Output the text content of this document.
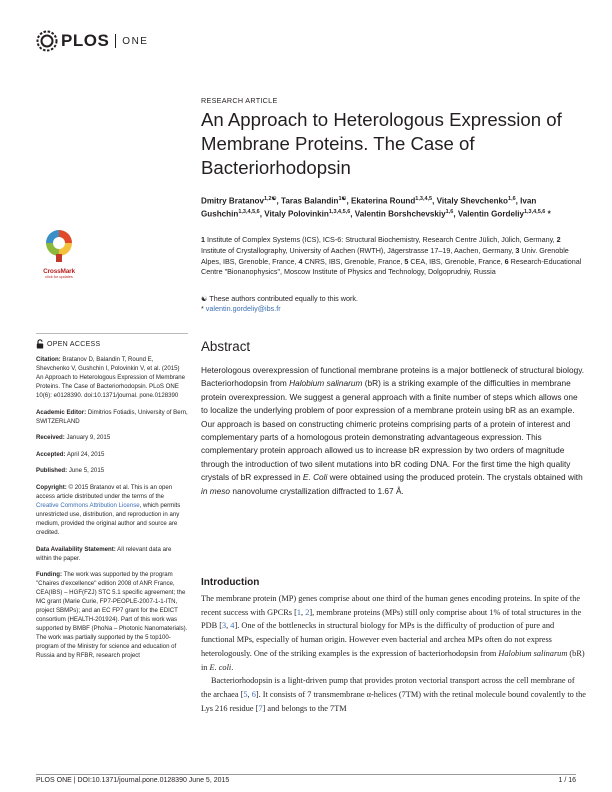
PLOS ONE
RESEARCH ARTICLE
An Approach to Heterologous Expression of Membrane Proteins. The Case of Bacteriorhodopsin
Dmitry Bratanov$^{1,2☯}$, Taras Balandin$^{1☯}$, Ekaterina Round$^{1,3,4,5}$, Vitaly Shevchenko$^{1,6}$, Ivan Gushchin$^{1,3,4,5,6}$, Vitaly Polovinkin$^{1,3,4,5,6}$, Valentin Borshchevskiy$^{1,6}$, Valentin Gordeliy$^{1,3,4,5,6}$ *
1 Institute of Complex Systems (ICS), ICS-6: Structural Biochemistry, Research Centre Jülich, Jülich, Germany, 2 Institute of Crystallography, University of Aachen (RWTH), Jägerstrasse 17–19, Aachen, Germany, 3 Univ. Grenoble Alpes, IBS, Grenoble, France, 4 CNRS, IBS, Grenoble, France, 5 CEA, IBS, Grenoble, France, 6 Research-Educational Centre "Bionanophysics", Moscow Institute of Physics and Technology, Dolgoprudniy, Russia
☯ These authors contributed equally to this work.
* valentin.gordeliy@ibs.fr
CrossMark
click for updates
OPEN ACCESS

Citation: Bratanov D, Balandin T, Round E, Shevchenko V, Gushchin I, Polovinkin V, et al. (2015) An Approach to Heterologous Expression of Membrane Proteins. The Case of Bacteriorhodopsin. PLoS ONE 10(6): e0128390. doi:10.1371/journal. pone.0128390

Academic Editor: Dimitrios Fotiadis, University of Bern, SWITZERLAND

Received: January 9, 2015

Accepted: April 24, 2015

Published: June 5, 2015

Copyright: © 2015 Bratanov et al. This is an open access article distributed under the terms of the Creative Commons Attribution License, which permits unrestricted use, distribution, and reproduction in any medium, provided the original author and source are credited.

Data Availability Statement: All relevant data are within the paper.

Funding: The work was supported by the program "Chaires d'excellence" edition 2008 of ANR France, CEA(IBS) – HGF(FZJ) STC 5.1 specific agreement; the MC grant (Marie Curie, FP7-PEOPLE-2007-1-1-ITN, project SBMPs); and an EC FP7 grant for the EDICT consortium (HEALTH-201924). Part of this work was supported by BMBF (PhoNa – Photonic Nanomaterials). The work was partially supported by the 5 top100-program of the Ministry for science and education of Russia and by RFBR, research project

Abstract
Heterologous overexpression of functional membrane proteins is a major bottleneck of structural biology. Bacteriorhodopsin from Halobium salinarum (bR) is a striking example of the difficulties in membrane protein overexpression. We suggest a general approach with a finite number of steps which allows one to localize the underlying problem of poor expression of a membrane protein using bR as an example. Our approach is based on constructing chimeric proteins comprising parts of a protein of interest and complementary parts of a homologous protein demonstrating advantageous expression. This complementary protein approach allowed us to increase bR expression by two orders of magnitude through the introduction of two silent mutations into bR coding DNA. For the first time the high quality crystals of bR expressed in E. Coli were obtained using the produced protein. The crystals obtained with in meso nanovolume crystallization diffracted to 1.67 Å.
Introduction

The membrane protein (MP) genes comprise about one third of the human genes encoding proteins. In spite of the recent success with GPCRs [1, 2], membrane proteins (MPs) still only comprise about 1% of total structures in the PDB [3, 4]. One of the bottlenecks in structural biology for MPs is the difficulty of production of pure and functional MPs, especially of human origin. However even bacterial and archea MPs often do not express heterologously. One of the striking examples is the expression of bacteriorhodopsin from Halobium salinarum (bR) in E. coli.

Bacteriorhodopsin is a light-driven pump that provides proton vectorial transport across the cell membrane of the archaea [5, 6]. It consists of 7 transmembrane α-helices (7TM) with the retinal molecule bound covalently to the Lys 216 residue [7] and belongs to the 7TM

PLOS ONE | DOI:10.1371/journal.pone.0128390 June 5, 2015	1 / 16
